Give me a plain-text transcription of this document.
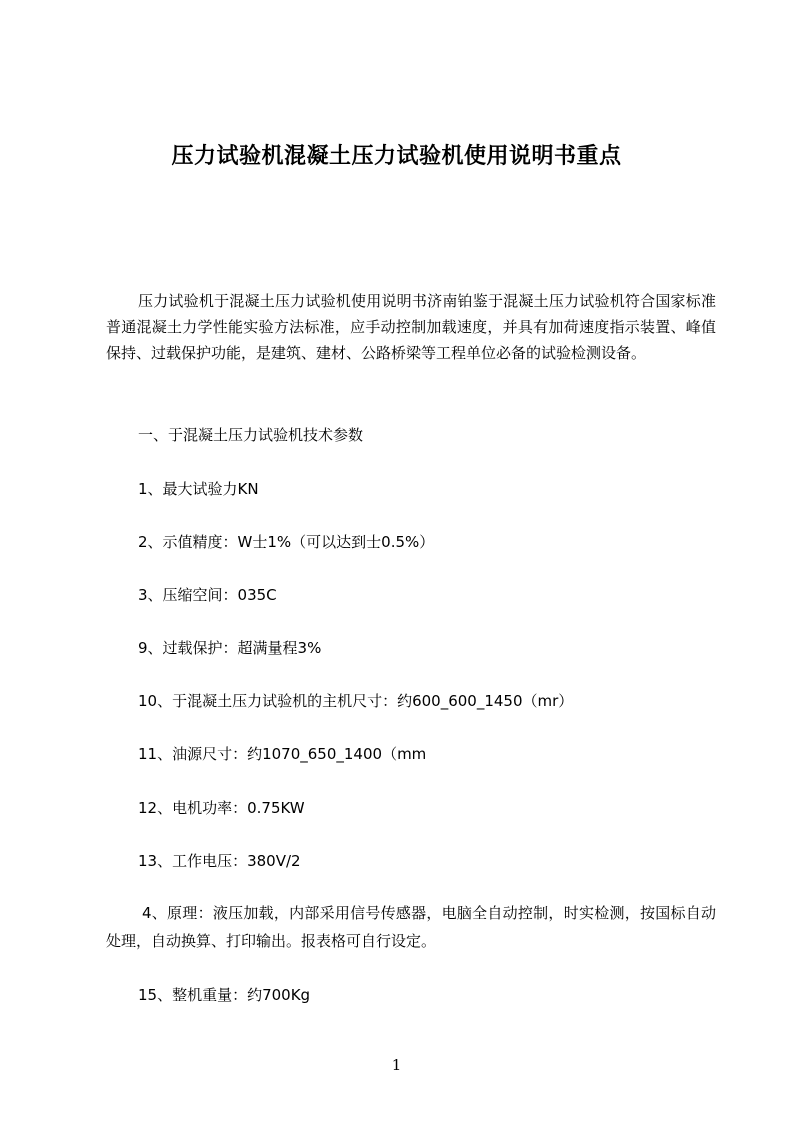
压力试验机混凝土压力试验机使用说明书重点
压力试验机于混凝土压力试验机使用说明书济南铂鉴于混凝土压力试验机符合国家标准普通混凝土力学性能实验方法标准，应手动控制加载速度，并具有加荷速度指示装置、峰值保持、过载保护功能，是建筑、建材、公路桥梁等工程单位必备的试验检测设备。
一、于混凝土压力试验机技术参数
1、最大试验力KN
2、示值精度：W士1%（可以达到士0.5%）
3、压缩空间：035C
9、过载保护：超满量程3%
10、于混凝土压力试验机的主机尺寸：约600_600_1450（mr）
11、油源尺寸：约1070_650_1400（mm
12、电机功率：0.75KW
13、工作电压：380V/2
4、原理：液压加载，内部采用信号传感器，电脑全自动控制，时实检测，按国标自动处理，自动换算、打印输出。报表格可自行设定。
15、整机重量：约700Kg
1
